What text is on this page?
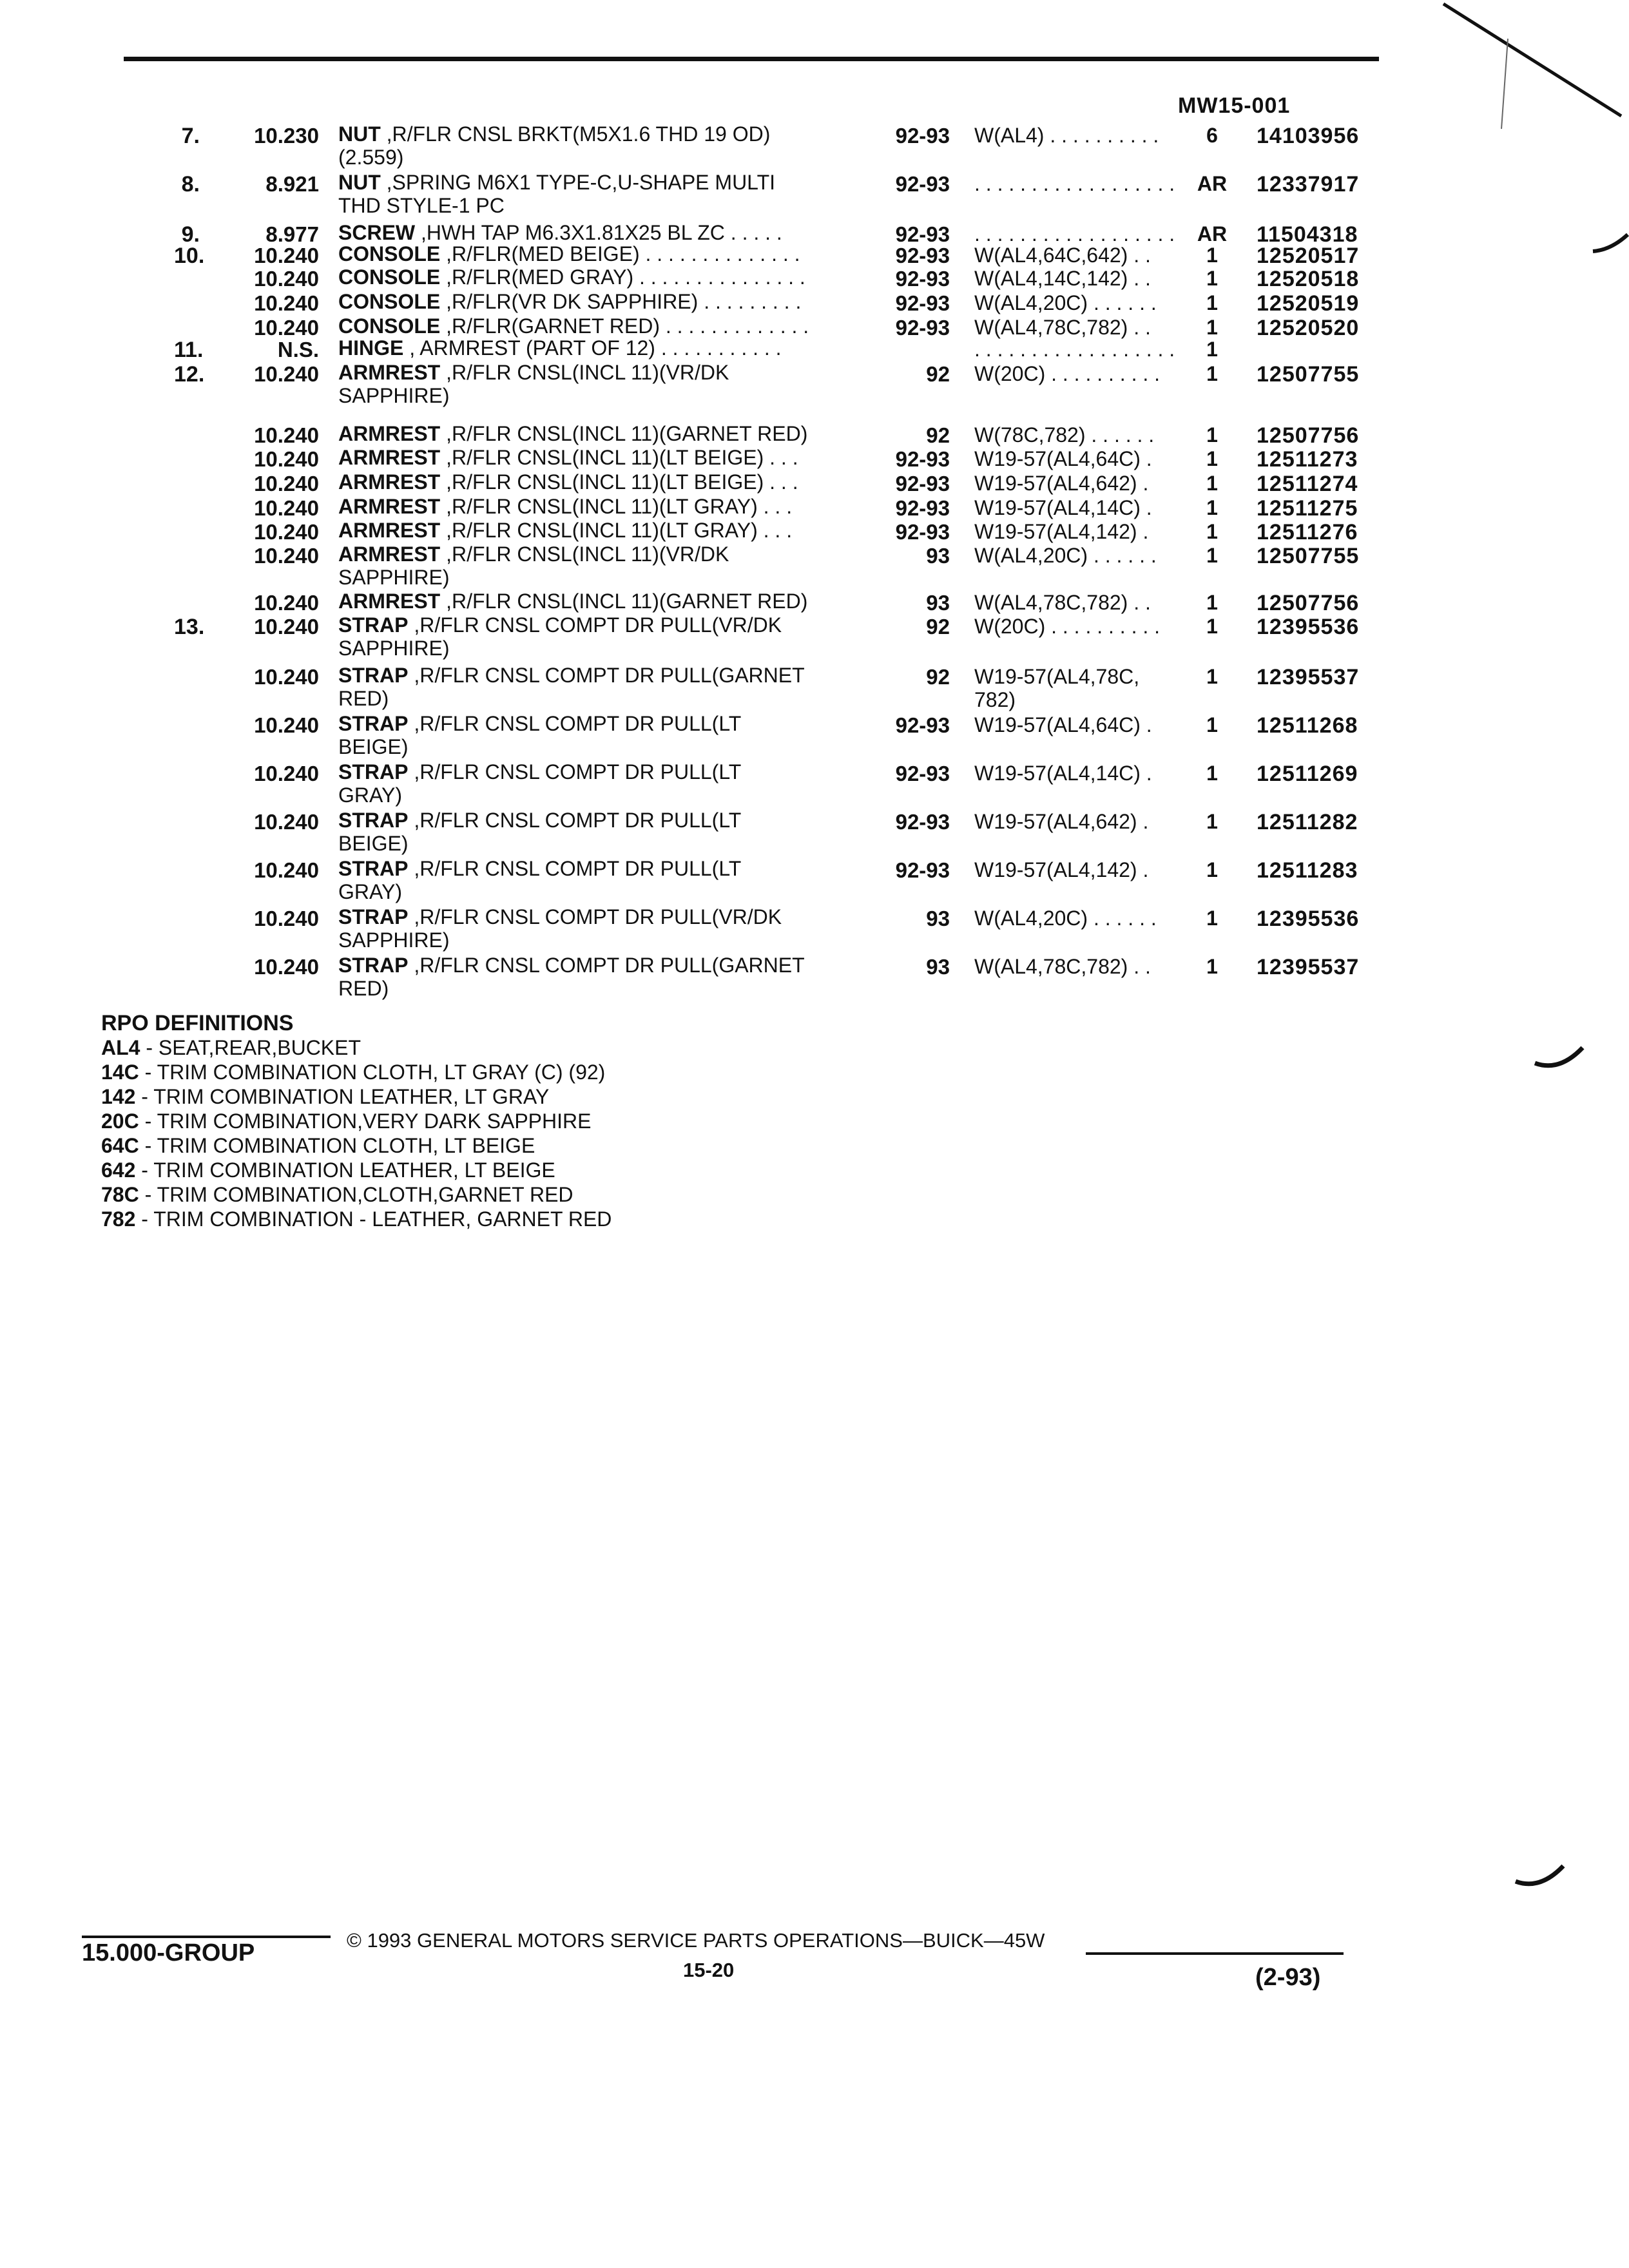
MW15-001
7.	10.230 NUT ,R/FLR CNSL BRKT(M5X1.6 THD 19 OD)
(2.559)
92-93 W(AL4) . . . . . . . . . .	6	14103956
8.	8.921 NUT ,SPRING M6X1 TYPE-C,U-SHAPE MULTI
THD STYLE-1 PC
92-93 . . . . . . . . . . . . . . . . . . AR 12337917
9.	8.977 SCREW ,HWH TAP M6.3X1.81X25 BL ZC . . . . .	92-93 . . . . . . . . . . . . . . . . . . AR 11504318
10.	10.240 CONSOLE ,R/FLR(MED BEIGE) . . . . . . . . . . . . . .	92-93 W(AL4,64C,642) . .	1	12520517
10.240 CONSOLE ,R/FLR(MED GRAY) . . . . . . . . . . . . . . .	92-93 W(AL4,14C,142) . .	1	12520518
10.240 CONSOLE ,R/FLR(VR DK SAPPHIRE) . . . . . . . . .	92-93 W(AL4,20C) . . . . . .	1	12520519
10.240 CONSOLE ,R/FLR(GARNET RED) . . . . . . . . . . . . .	92-93 W(AL4,78C,782) . .	1	12520520
11.	N.S. HINGE , ARMREST (PART OF 12) . . . . . . . . . . .	. . . . . . . . . . . . . . . . . .	1
12.	10.240 ARMREST ,R/FLR CNSL(INCL 11)(VR/DK
SAPPHIRE)
92 W(20C) . . . . . . . . . .	1	12507755
10.240 ARMREST ,R/FLR CNSL(INCL 11)(GARNET RED)	92 W(78C,782) . . . . . .	1	12507756
10.240 ARMREST ,R/FLR CNSL(INCL 11)(LT BEIGE) . . .	92-93 W19-57(AL4,64C) .	1	12511273
10.240 ARMREST ,R/FLR CNSL(INCL 11)(LT BEIGE) . . .	92-93 W19-57(AL4,642) .	1	12511274
10.240 ARMREST ,R/FLR CNSL(INCL 11)(LT GRAY) . . .	92-93 W19-57(AL4,14C) .	1	12511275
10.240 ARMREST ,R/FLR CNSL(INCL 11)(LT GRAY) . . .	92-93 W19-57(AL4,142) .	1	12511276
10.240 ARMREST ,R/FLR CNSL(INCL 11)(VR/DK
SAPPHIRE)
93 W(AL4,20C) . . . . . .	1	12507755
10.240 ARMREST ,R/FLR CNSL(INCL 11)(GARNET RED)	93 W(AL4,78C,782) . .	1	12507756
13.	10.240 STRAP ,R/FLR CNSL COMPT DR PULL(VR/DK
SAPPHIRE)
92 W(20C) . . . . . . . . . .	1	12395536
10.240 STRAP ,R/FLR CNSL COMPT DR PULL(GARNET
RED)
92 W19-57(AL4,78C,
782)
1	12395537
10.240 STRAP ,R/FLR CNSL COMPT DR PULL(LT
BEIGE)
92-93 W19-57(AL4,64C) .	1	12511268
10.240 STRAP ,R/FLR CNSL COMPT DR PULL(LT
GRAY)
92-93 W19-57(AL4,14C) .	1	12511269
10.240 STRAP ,R/FLR CNSL COMPT DR PULL(LT
BEIGE)
92-93 W19-57(AL4,642) .	1	12511282
10.240 STRAP ,R/FLR CNSL COMPT DR PULL(LT
GRAY)
92-93 W19-57(AL4,142) .	1	12511283
10.240 STRAP ,R/FLR CNSL COMPT DR PULL(VR/DK
SAPPHIRE)
93 W(AL4,20C) . . . . . .	1	12395536
10.240 STRAP ,R/FLR CNSL COMPT DR PULL(GARNET
RED)
93 W(AL4,78C,782) . .	1	12395537
RPO DEFINITIONS
AL4 - SEAT,REAR,BUCKET
14C - TRIM COMBINATION CLOTH, LT GRAY (C) (92)
142 - TRIM COMBINATION LEATHER, LT GRAY
20C - TRIM COMBINATION,VERY DARK SAPPHIRE
64C - TRIM COMBINATION CLOTH, LT BEIGE
642 - TRIM COMBINATION LEATHER, LT BEIGE
78C - TRIM COMBINATION,CLOTH,GARNET RED
782 - TRIM COMBINATION - LEATHER, GARNET RED
15.000-GROUP	© 1993 GENERAL MOTORS SERVICE PARTS OPERATIONS—BUICK—45W
15-20	(2-93)
